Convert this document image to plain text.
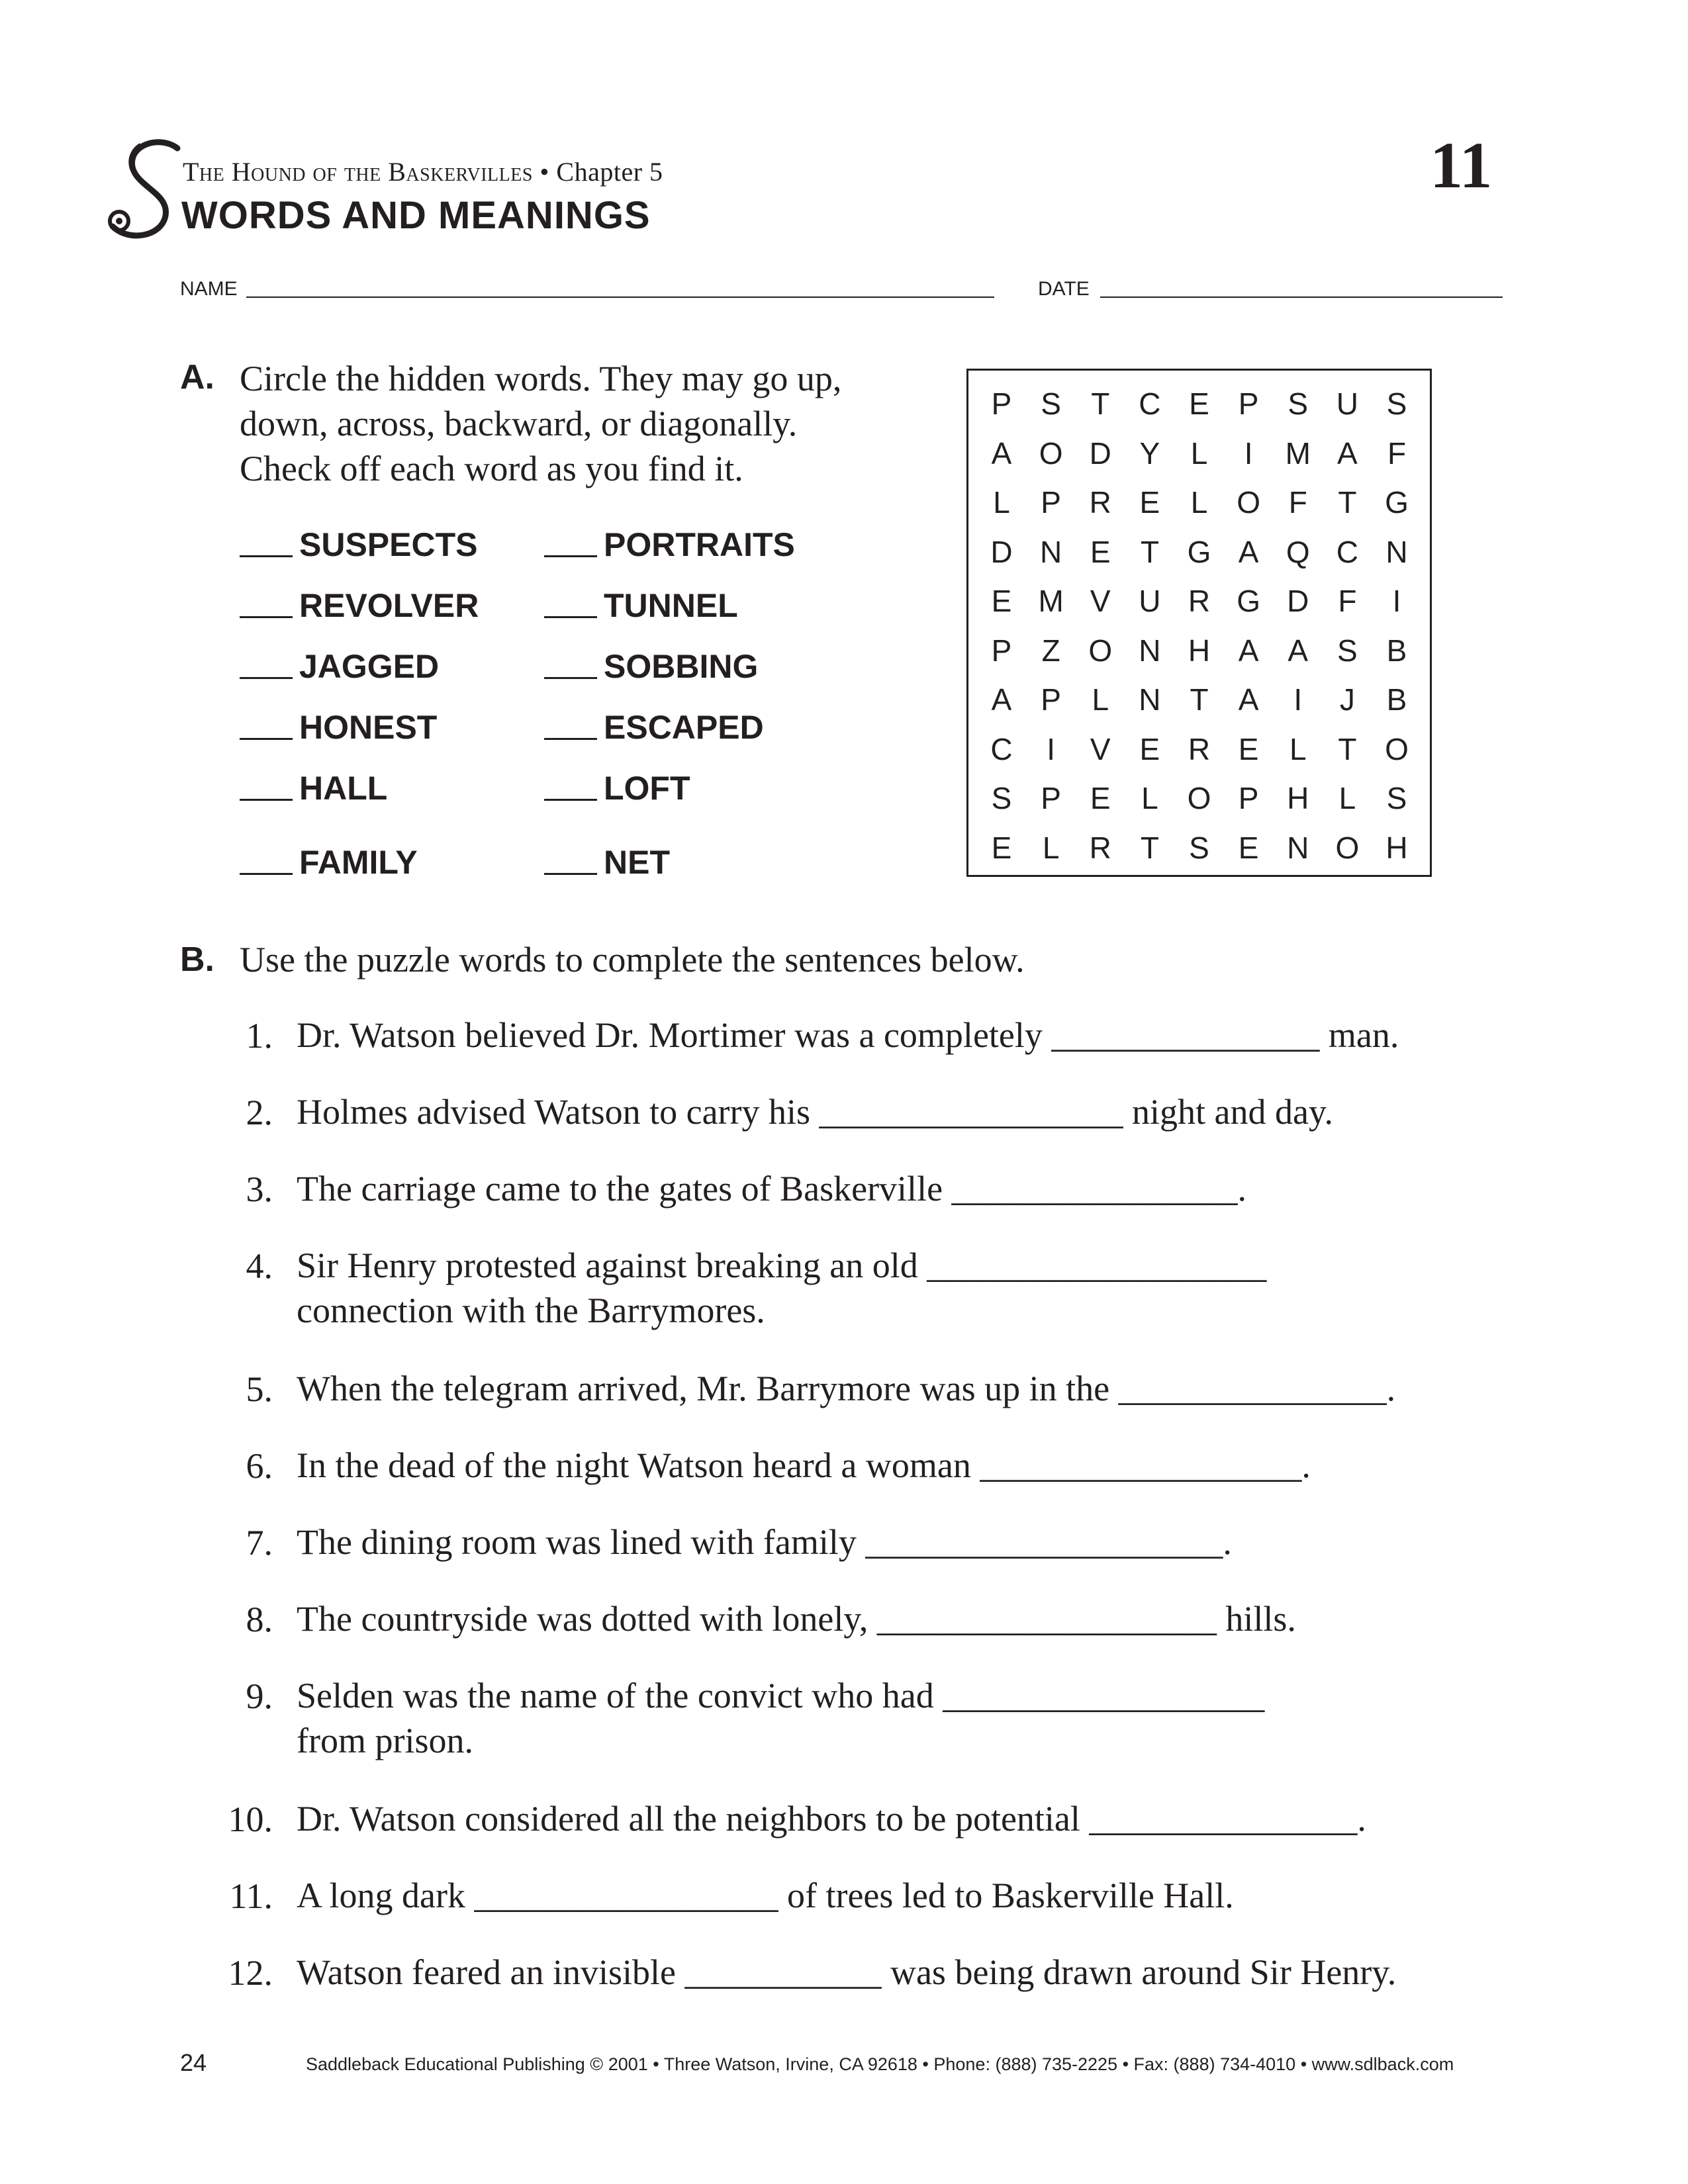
The Hound of the Baskervilles • Chapter 5
WORDS AND MEANINGS
11
NAME	DATE
A. Circle the hidden words. They may go up,
down, across, backward, or diagonally.
Check off each word as you find it.
SUSPECTS
REVOLVER
JAGGED
HONEST
HALL
FAMILY
PORTRAITS
TUNNEL
SOBBING
ESCAPED
LOFT
NET
P S T C E P S U S
A O D Y	L	I	M A F
L	P R E	L O F	T G
D N E T G A Q C N
E M V U R G D F	I
P Z O N H A A S B
A P	L N T A	I	J	B
C	I	V E R E	L	T O
S P E	L O P H L	S
E	L R T S E N O H
B. Use the puzzle words to complete the sentences below.
1. Dr. Watson believed Dr. Mortimer was a completely _______________ man.
2. Holmes advised Watson to carry his _________________ night and day.
3. The carriage came to the gates of Baskerville ________________.
4. Sir Henry protested against breaking an old ___________________
connection with the Barrymores.
5. When the telegram arrived, Mr. Barrymore was up in the _______________.
6. In the dead of the night Watson heard a woman __________________.
7. The dining room was lined with family ____________________.
8. The countryside was dotted with lonely, ___________________ hills.
9. Selden was the name of the convict who had __________________
from prison.
10. Dr. Watson considered all the neighbors to be potential _______________.
11. A long dark _________________ of trees led to Baskerville Hall.
12. Watson feared an invisible ___________ was being drawn around Sir Henry.
24	Saddleback Educational Publishing © 2001 • Three Watson, Irvine, CA 92618 • Phone: (888) 735-2225 • Fax: (888) 734-4010 • www.sdlback.com
